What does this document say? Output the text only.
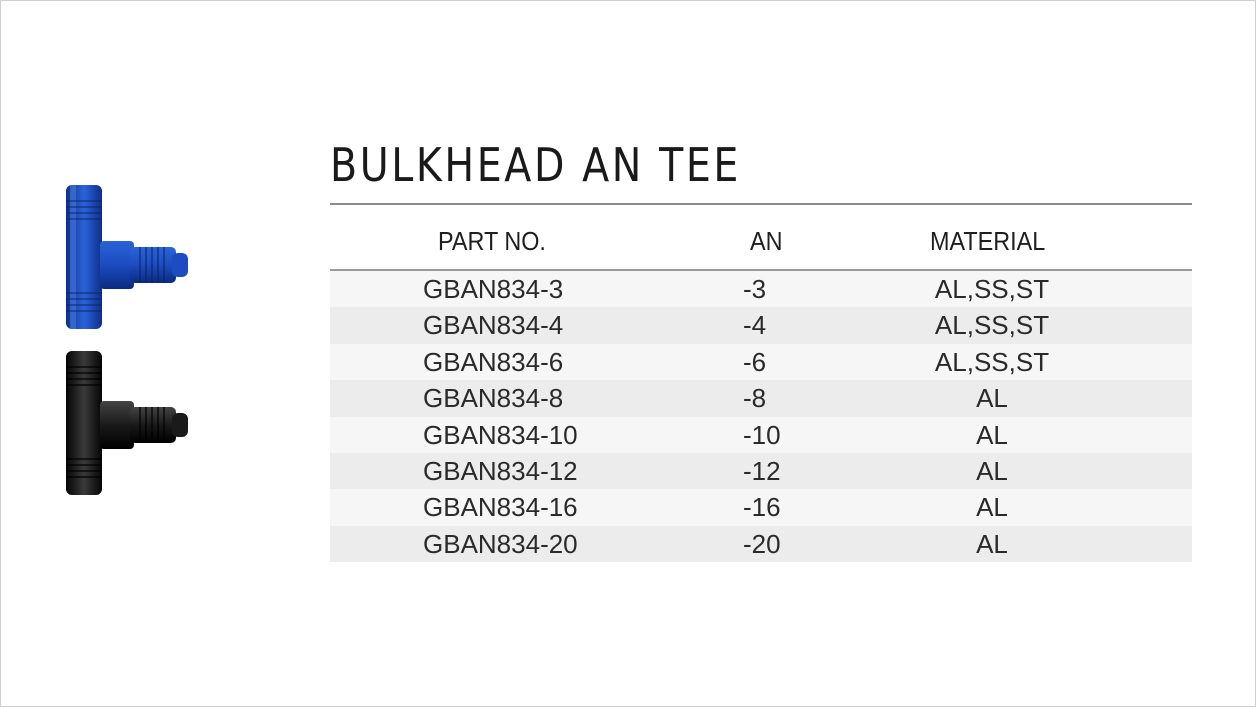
BULKHEAD AN TEE
PART NO.	AN	MATERIAL
GBAN834-3	-3	AL,SS,ST
GBAN834-4	-4	AL,SS,ST
GBAN834-6	-6	AL,SS,ST
GBAN834-8	-8	AL
GBAN834-10	-10	AL
GBAN834-12	-12	AL
GBAN834-16	-16	AL
GBAN834-20	-20	AL
